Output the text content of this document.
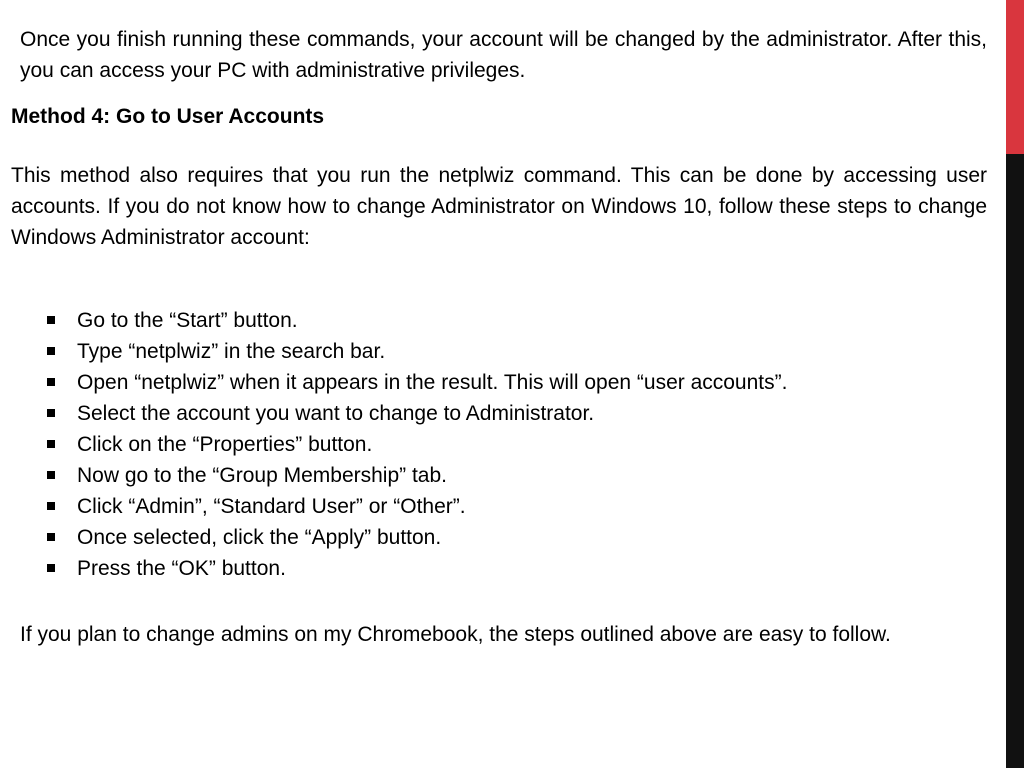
Once you finish running these commands, your account will be changed by the administrator. After this, you can access your PC with administrative privileges.

Method 4: Go to User Accounts

This method also requires that you run the netplwiz command. This can be done by accessing user accounts. If you do not know how to change Administrator on Windows 10, follow these steps to change Windows Administrator account:

Go to the “Start” button.
Type “netplwiz” in the search bar.
Open “netplwiz” when it appears in the result. This will open “user accounts”.
Select the account you want to change to Administrator.
Click on the “Properties” button.
Now go to the “Group Membership” tab.
Click “Admin”, “Standard User” or “Other”.
Once selected, click the “Apply” button.
Press the “OK” button.

If you plan to change admins on my Chromebook, the steps outlined above are easy to follow.
